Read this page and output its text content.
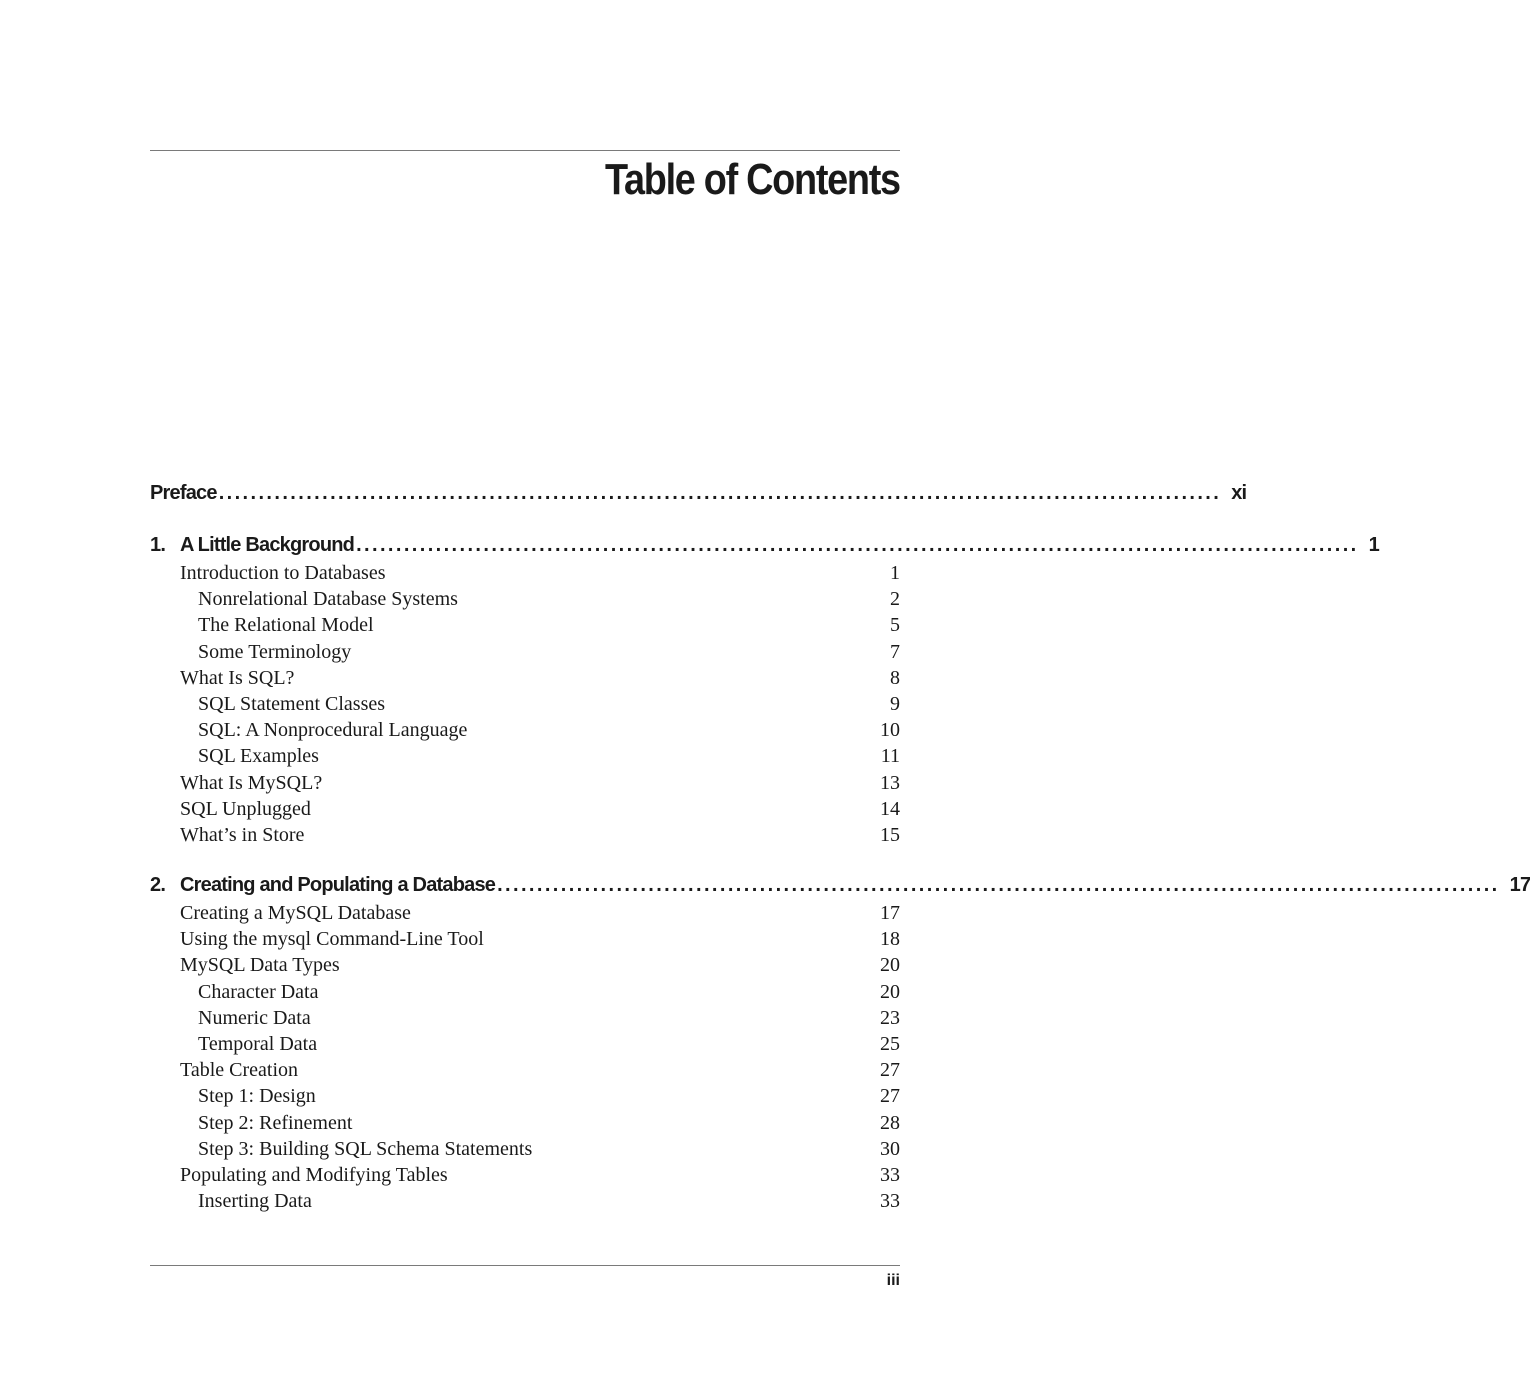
Table of Contents
Preface .............................................................................................................................. xi
1. A Little Background .............................................................................................................................. 1
Introduction to Databases	1
Nonrelational Database Systems	2
The Relational Model	5
Some Terminology	7
What Is SQL?	8
SQL Statement Classes	9
SQL: A Nonprocedural Language	10
SQL Examples	11
What Is MySQL?	13
SQL Unplugged	14
What’s in Store	15
2. Creating and Populating a Database .............................................................................................................................. 17
Creating a MySQL Database	17
Using the mysql Command-Line Tool	18
MySQL Data Types	20
Character Data	20
Numeric Data	23
Temporal Data	25
Table Creation	27
Step 1: Design	27
Step 2: Refinement	28
Step 3: Building SQL Schema Statements	30
Populating and Modifying Tables	33
Inserting Data	33
iii
